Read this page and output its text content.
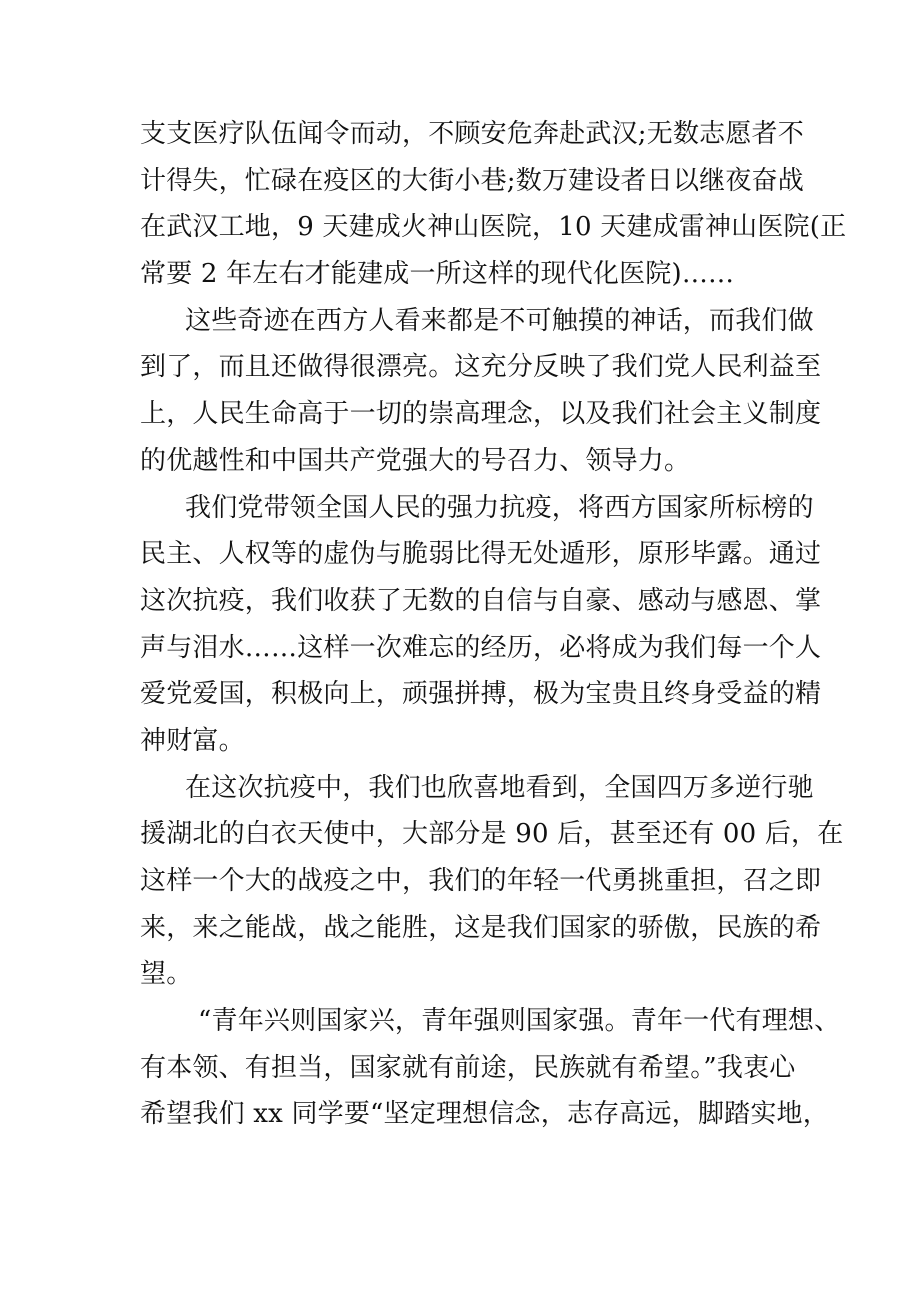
支支医疗队伍闻令而动，不顾安危奔赴武汉;无数志愿者不
计得失，忙碌在疫区的大街小巷;数万建设者日以继夜奋战
在武汉工地，9 天建成火神山医院，10 天建成雷神山医院(正
常要 2 年左右才能建成一所这样的现代化医院)……
这些奇迹在西方人看来都是不可触摸的神话，而我们做
到了，而且还做得很漂亮。这充分反映了我们党人民利益至
上，人民生命高于一切的崇高理念，以及我们社会主义制度
的优越性和中国共产党强大的号召力、领导力。
我们党带领全国人民的强力抗疫，将西方国家所标榜的
民主、人权等的虚伪与脆弱比得无处遁形，原形毕露。通过
这次抗疫，我们收获了无数的自信与自豪、感动与感恩、掌
声与泪水……这样一次难忘的经历，必将成为我们每一个人
爱党爱国，积极向上，顽强拼搏，极为宝贵且终身受益的精
神财富。
在这次抗疫中，我们也欣喜地看到，全国四万多逆行驰
援湖北的白衣天使中，大部分是 90 后，甚至还有 00 后，在
这样一个大的战疫之中，我们的年轻一代勇挑重担，召之即
来，来之能战，战之能胜，这是我们国家的骄傲，民族的希
望。
“青年兴则国家兴，青年强则国家强。青年一代有理想、
有本领、有担当，国家就有前途，民族就有希望。”我衷心
希望我们 xx 同学要“坚定理想信念，志存高远，脚踏实地，
